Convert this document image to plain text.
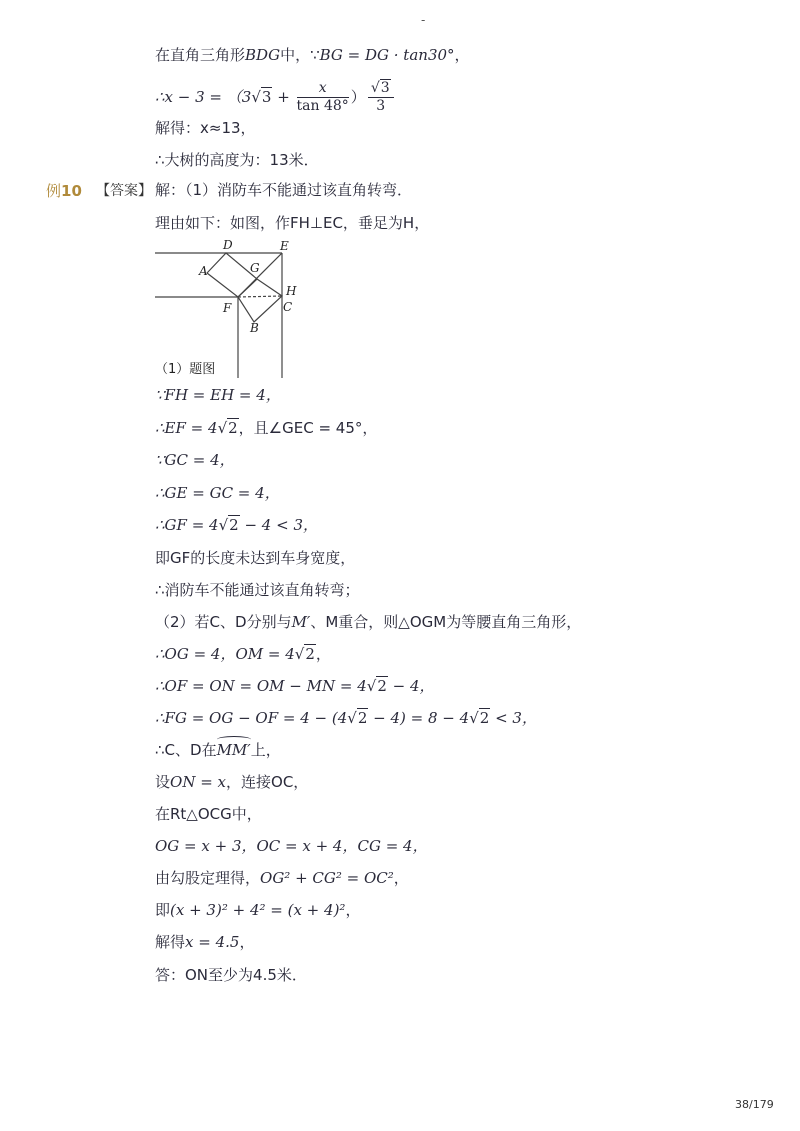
-
在直角三角形BDG中，∵BG = DG · tan30°，
∴x − $3 = (3√3 + \frac{x}{\tan 48^\circ}$ ） $\frac{√3}{3}$
解得：x≈13，
∴大树的高度为：13米．
例10 【答案】 解：（1）消防车不能通过该直角转弯．
理由如下：如图，作FH⊥EC，垂足为H，
D	E
A	G
H
F	C
B
（1）题图
∵FH = EH = 4，
∴EF = 4√2，且∠GEC = 45°，
∵GC = 4，
∴GE = GC = 4，
∴GF = 4√2 − 4 < 3，
即GF的长度未达到车身宽度，
∴消防车不能通过该直角转弯；
（2）若C、D分别与M′、M重合，则△OGM为等腰直角三角形，
∴OG = 4，OM = 4√2，
∴OF = ON = OM − MN = 4√2 − 4，
∴FG = OG − OF = 4 − (4√2 − 4) = 8 − 4√2 < 3，
∴C、D在MM′上，
设ON = x，连接OC，
在Rt△OCG中，
OG = x + 3，OC = x + 4，CG = 4，
由勾股定理得，OG² + CG² = OC²，
即(x + 3)² + 4² = (x + 4)²，
解得x = 4.5，
答：ON至少为4.5米．
38/179
